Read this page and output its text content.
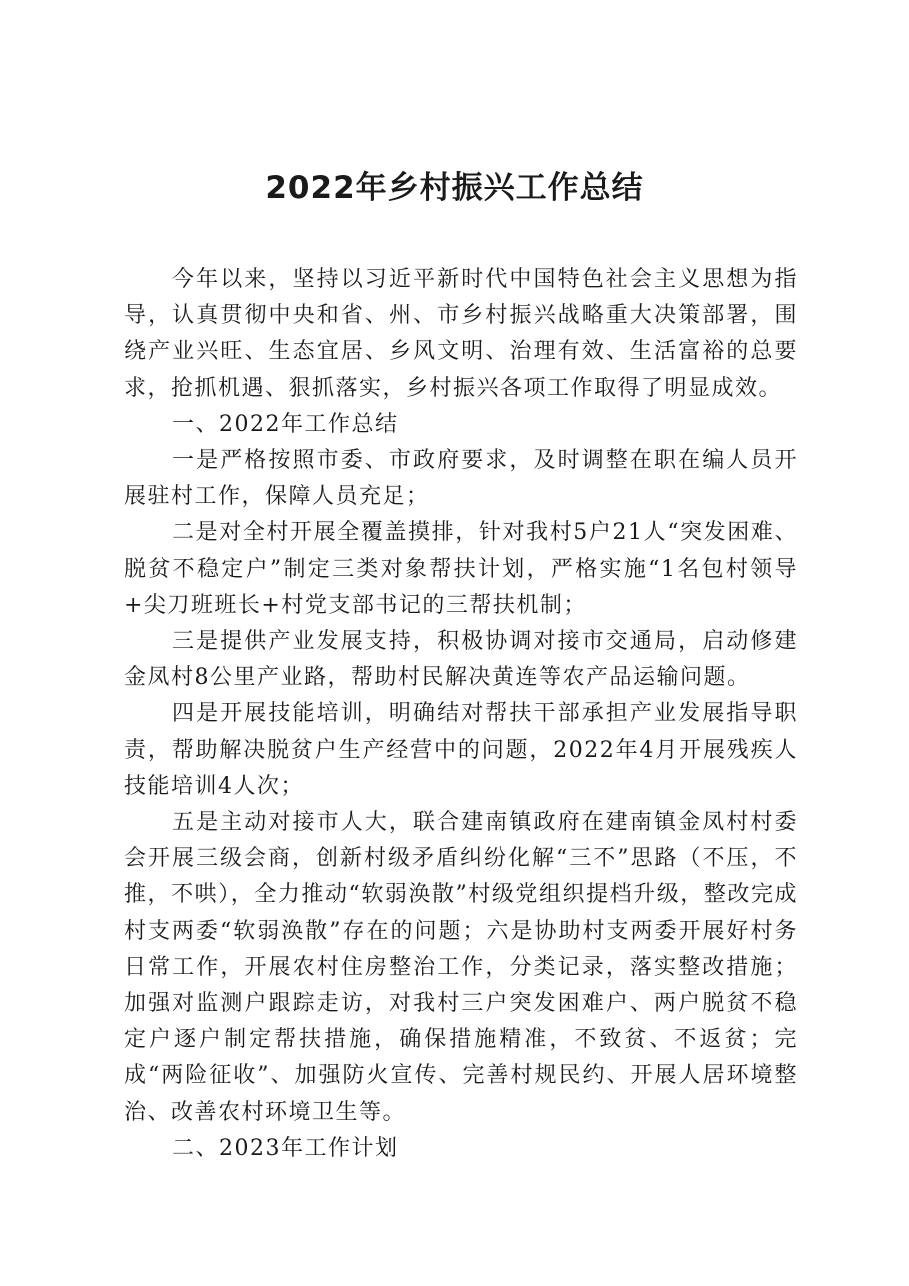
2022年乡村振兴工作总结

今年以来，坚持以习近平新时代中国特色社会主义思想为指导，认真贯彻中央和省、州、市乡村振兴战略重大决策部署，围绕产业兴旺、生态宜居、乡风文明、治理有效、生活富裕的总要求，抢抓机遇、狠抓落实，乡村振兴各项工作取得了明显成效。

一、2022年工作总结

一是严格按照市委、市政府要求，及时调整在职在编人员开展驻村工作，保障人员充足；

二是对全村开展全覆盖摸排，针对我村5户21人“突发困难、脱贫不稳定户”制定三类对象帮扶计划，严格实施“1名包村领导+尖刀班班长+村党支部书记的三帮扶机制；

三是提供产业发展支持，积极协调对接市交通局，启动修建金凤村8公里产业路，帮助村民解决黄连等农产品运输问题。

四是开展技能培训，明确结对帮扶干部承担产业发展指导职责，帮助解决脱贫户生产经营中的问题，2022年4月开展残疾人技能培训4人次；

五是主动对接市人大，联合建南镇政府在建南镇金凤村村委会开展三级会商，创新村级矛盾纠纷化解“三不”思路（不压，不推，不哄），全力推动“软弱涣散”村级党组织提档升级，整改完成村支两委“软弱涣散”存在的问题；六是协助村支两委开展好村务日常工作，开展农村住房整治工作，分类记录，落实整改措施；加强对监测户跟踪走访，对我村三户突发困难户、两户脱贫不稳定户逐户制定帮扶措施，确保措施精准，不致贫、不返贫；完成“两险征收”、加强防火宣传、完善村规民约、开展人居环境整治、改善农村环境卫生等。

二、2023年工作计划
